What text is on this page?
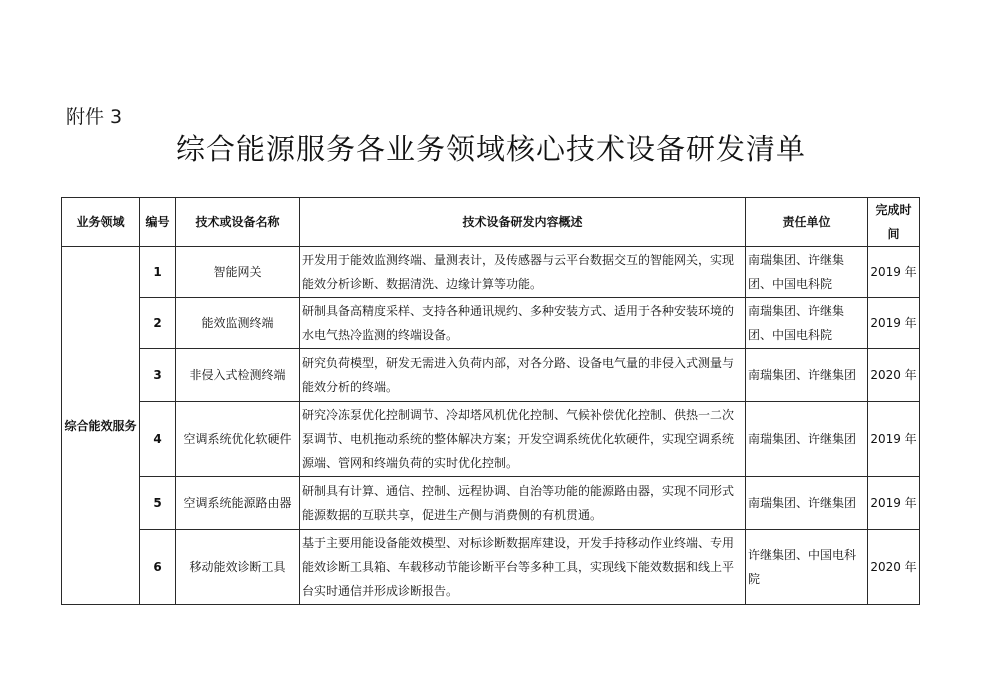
附件 3
综合能源服务各业务领域核心技术设备研发清单
业务领域	编号	技术或设备名称	技术设备研发内容概述	责任单位	完成时间
综合能效服务	1	智能网关	开发用于能效监测终端、量测表计，及传感器与云平台数据交互的智能网关，实现能效分析诊断、数据清洗、边缘计算等功能。	南瑞集团、许继集团、中国电科院	2019 年
	2	能效监测终端	研制具备高精度采样、支持各种通讯规约、多种安装方式、适用于各种安装环境的水电气热冷监测的终端设备。	南瑞集团、许继集团、中国电科院	2019 年
	3	非侵入式检测终端	研究负荷模型，研发无需进入负荷内部，对各分路、设备电气量的非侵入式测量与能效分析的终端。	南瑞集团、许继集团	2020 年
	4	空调系统优化软硬件	研究冷冻泵优化控制调节、冷却塔风机优化控制、气候补偿优化控制、供热一二次泵调节、电机拖动系统的整体解决方案；开发空调系统优化软硬件，实现空调系统源端、管网和终端负荷的实时优化控制。	南瑞集团、许继集团	2019 年
	5	空调系统能源路由器	研制具有计算、通信、控制、远程协调、自治等功能的能源路由器，实现不同形式能源数据的互联共享，促进生产侧与消费侧的有机贯通。	南瑞集团、许继集团	2019 年
	6	移动能效诊断工具	基于主要用能设备能效模型、对标诊断数据库建设，开发手持移动作业终端、专用能效诊断工具箱、车载移动节能诊断平台等多种工具，实现线下能效数据和线上平台实时通信并形成诊断报告。	许继集团、中国电科院	2020 年
